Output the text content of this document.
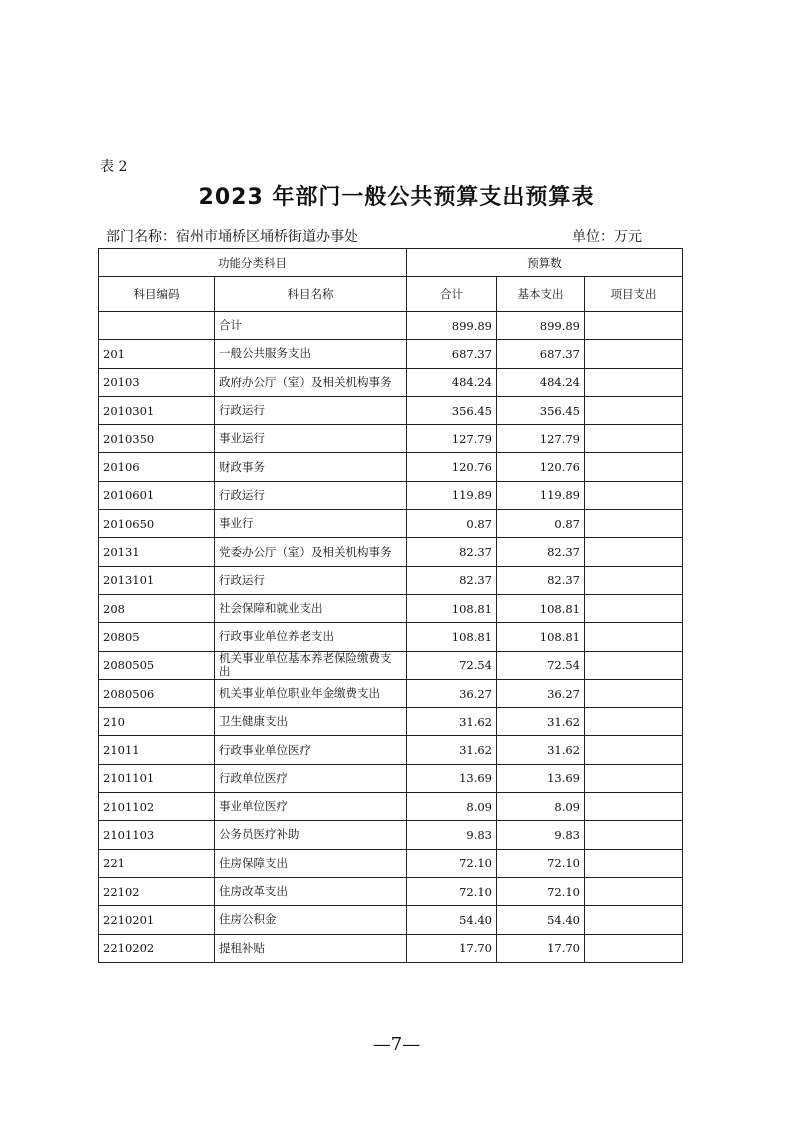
表 2
2023 年部门一般公共预算支出预算表
部门名称：宿州市埇桥区埇桥街道办事处	单位：万元
功能分类科目		预算数		
科目编码	科目名称	合计	基本支出	项目支出
	合计	899.89	899.89	
201	一般公共服务支出	687.37	687.37	
20103	政府办公厅（室）及相关机构事务	484.24	484.24	
2010301	行政运行	356.45	356.45	
2010350	事业运行	127.79	127.79	
20106	财政事务	120.76	120.76	
2010601	行政运行	119.89	119.89	
2010650	事业行	0.87	0.87	
20131	党委办公厅（室）及相关机构事务	82.37	82.37	
2013101	行政运行	82.37	82.37	
208	社会保障和就业支出	108.81	108.81	
20805	行政事业单位养老支出	108.81	108.81	
2080505	机关事业单位基本养老保险缴费支出	72.54	72.54	
2080506	机关事业单位职业年金缴费支出	36.27	36.27	
210	卫生健康支出	31.62	31.62	
21011	行政事业单位医疗	31.62	31.62	
2101101	行政单位医疗	13.69	13.69	
2101102	事业单位医疗	8.09	8.09	
2101103	公务员医疗补助	9.83	9.83	
221	住房保障支出	72.10	72.10	
22102	住房改革支出	72.10	72.10	
2210201	住房公积金	54.40	54.40	
2210202	提租补贴	17.70	17.70	
—7—
